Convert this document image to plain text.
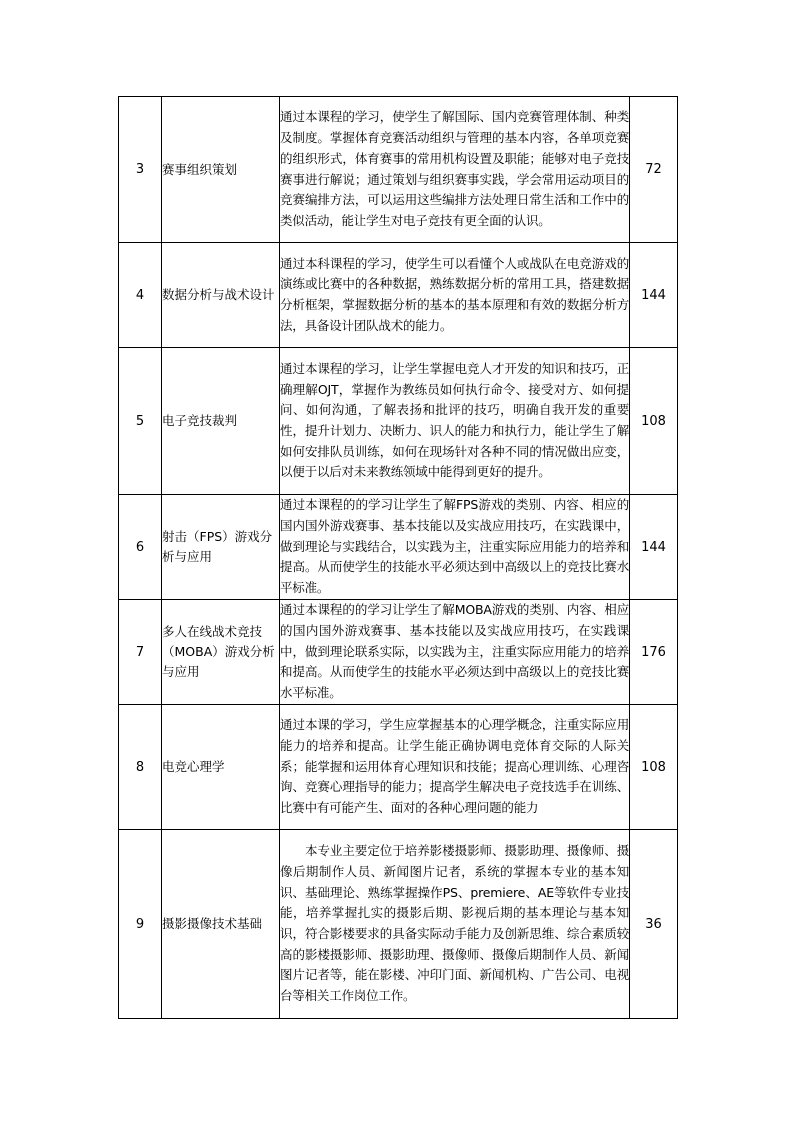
3	赛事组织策划	通过本课程的学习，使学生了解国际、国内竞赛管理体制、种类及制度。掌握体育竞赛活动组织与管理的基本内容，各单项竞赛的组织形式，体育赛事的常用机构设置及职能；能够对电子竞技赛事进行解说；通过策划与组织赛事实践，学会常用运动项目的竞赛编排方法，可以运用这些编排方法处理日常生活和工作中的类似活动，能让学生对电子竞技有更全面的认识。	72
4	数据分析与战术设计	通过本科课程的学习，使学生可以看懂个人或战队在电竞游戏的演练或比赛中的各种数据，熟练数据分析的常用工具，搭建数据分析框架，掌握数据分析的基本的基本原理和有效的数据分析方法，具备设计团队战术的能力。	144
5	电子竞技裁判	通过本课程的学习，让学生掌握电竞人才开发的知识和技巧，正确理解OJT，掌握作为教练员如何执行命令、接受对方、如何提问、如何沟通，了解表扬和批评的技巧，明确自我开发的重要性，提升计划力、决断力、识人的能力和执行力，能让学生了解如何安排队员训练，如何在现场针对各种不同的情况做出应变，以便于以后对未来教练领域中能得到更好的提升。	108
6	射击（FPS）游戏分析与应用	通过本课程的的学习让学生了解FPS游戏的类别、内容、相应的国内国外游戏赛事、基本技能以及实战应用技巧，在实践课中，做到理论与实践结合，以实践为主，注重实际应用能力的培养和提高。从而使学生的技能水平必须达到中高级以上的竞技比赛水平标准。	144
7	多人在线战术竞技（MOBA）游戏分析与应用	通过本课程的的学习让学生了解MOBA游戏的类别、内容、相应的国内国外游戏赛事、基本技能以及实战应用技巧，在实践课中，做到理论联系实际，以实践为主，注重实际应用能力的培养和提高。从而使学生的技能水平必须达到中高级以上的竞技比赛水平标准。	176
8	电竞心理学	通过本课的学习，学生应掌握基本的心理学概念，注重实际应用能力的培养和提高。让学生能正确协调电竞体育交际的人际关系；能掌握和运用体育心理知识和技能；提高心理训练、心理咨询、竞赛心理指导的能力；提高学生解决电子竞技选手在训练、比赛中有可能产生、面对的各种心理问题的能力	108
9	摄影摄像技术基础	本专业主要定位于培养影楼摄影师、摄影助理、摄像师、摄像后期制作人员、新闻图片记者，系统的掌握本专业的基本知识、基础理论、熟练掌握操作PS、premiere、AE等软件专业技能，培养掌握扎实的摄影后期、影视后期的基本理论与基本知识，符合影楼要求的具备实际动手能力及创新思维、综合素质较高的影楼摄影师、摄影助理、摄像师、摄像后期制作人员、新闻图片记者等，能在影楼、冲印门面、新闻机构、广告公司、电视台等相关工作岗位工作。	36
